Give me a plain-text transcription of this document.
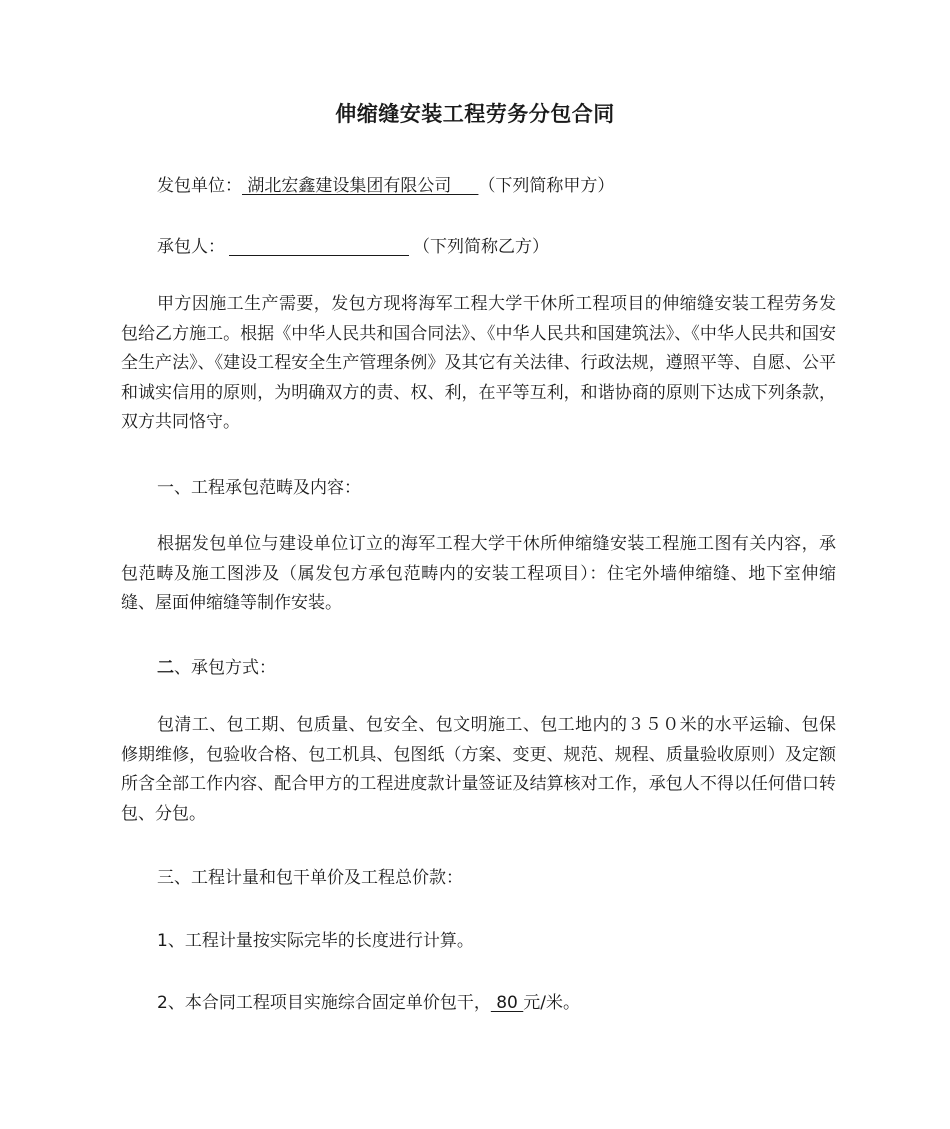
伸缩缝安装工程劳务分包合同
发包单位： 湖北宏鑫建设集团有限公司     （下列简称甲方）
承包人：	（下列简称乙方）

甲方因施工生产需要，发包方现将海军工程大学干休所工程项目的伸缩缝安装工程劳务发包给乙方施工。根据《中华人民共和国合同法》、《中华人民共和国建筑法》、《中华人民共和国安全生产法》、《建设工程安全生产管理条例》及其它有关法律、行政法规，遵照平等、自愿、公平和诚实信用的原则，为明确双方的责、权、利，在平等互利，和谐协商的原则下达成下列条款，双方共同恪守。

一、工程承包范畴及内容：

根据发包单位与建设单位订立的海军工程大学干休所伸缩缝安装工程施工图有关内容，承包范畴及施工图涉及（属发包方承包范畴内的安装工程项目）：住宅外墙伸缩缝、地下室伸缩缝、屋面伸缩缝等制作安装。

二、承包方式：

包清工、包工期、包质量、包安全、包文明施工、包工地内的３５０米的水平运输、包保修期维修，包验收合格、包工机具、包图纸（方案、变更、规范、规程、质量验收原则）及定额所含全部工作内容、配合甲方的工程进度款计量签证及结算核对工作，承包人不得以任何借口转包、分包。

三、工程计量和包干单价及工程总价款：
1、工程计量按实际完毕的长度进行计算。
2、本合同工程项目实施综合固定单价包干， 80 元/米。
